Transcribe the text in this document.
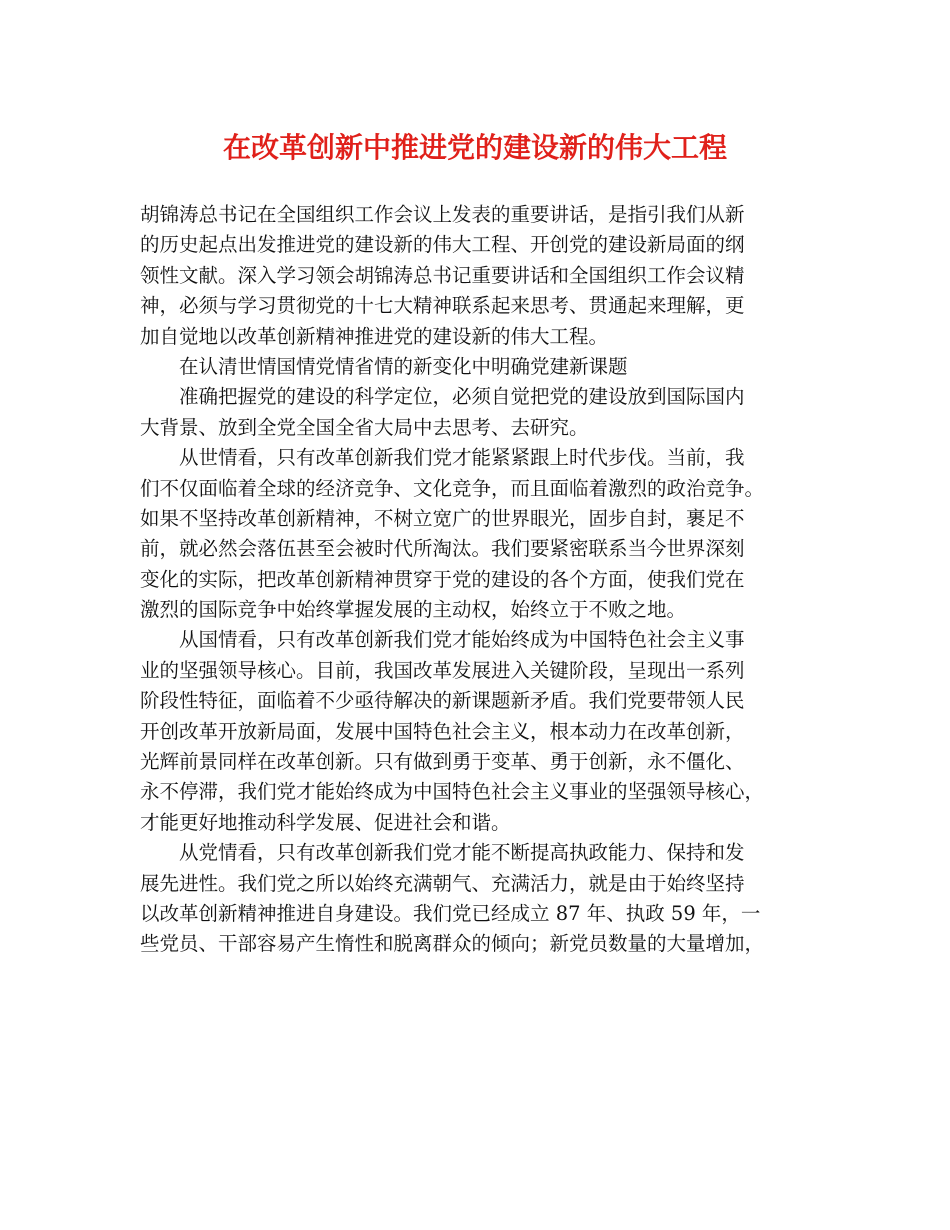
在改革创新中推进党的建设新的伟大工程
胡锦涛总书记在全国组织工作会议上发表的重要讲话，是指引我们从新
的历史起点出发推进党的建设新的伟大工程、开创党的建设新局面的纲
领性文献。深入学习领会胡锦涛总书记重要讲话和全国组织工作会议精
神，必须与学习贯彻党的十七大精神联系起来思考、贯通起来理解，更
加自觉地以改革创新精神推进党的建设新的伟大工程。
在认清世情国情党情省情的新变化中明确党建新课题
准确把握党的建设的科学定位，必须自觉把党的建设放到国际国内
大背景、放到全党全国全省大局中去思考、去研究。
从世情看，只有改革创新我们党才能紧紧跟上时代步伐。当前，我
们不仅面临着全球的经济竞争、文化竞争，而且面临着激烈的政治竞争。
如果不坚持改革创新精神，不树立宽广的世界眼光，固步自封，裹足不
前，就必然会落伍甚至会被时代所淘汰。我们要紧密联系当今世界深刻
变化的实际，把改革创新精神贯穿于党的建设的各个方面，使我们党在
激烈的国际竞争中始终掌握发展的主动权，始终立于不败之地。
从国情看，只有改革创新我们党才能始终成为中国特色社会主义事
业的坚强领导核心。目前，我国改革发展进入关键阶段，呈现出一系列
阶段性特征，面临着不少亟待解决的新课题新矛盾。我们党要带领人民
开创改革开放新局面，发展中国特色社会主义，根本动力在改革创新，
光辉前景同样在改革创新。只有做到勇于变革、勇于创新，永不僵化、
永不停滞，我们党才能始终成为中国特色社会主义事业的坚强领导核心，
才能更好地推动科学发展、促进社会和谐。
从党情看，只有改革创新我们党才能不断提高执政能力、保持和发
展先进性。我们党之所以始终充满朝气、充满活力，就是由于始终坚持
以改革创新精神推进自身建设。我们党已经成立 87 年、执政 59 年，一
些党员、干部容易产生惰性和脱离群众的倾向；新党员数量的大量增加，
